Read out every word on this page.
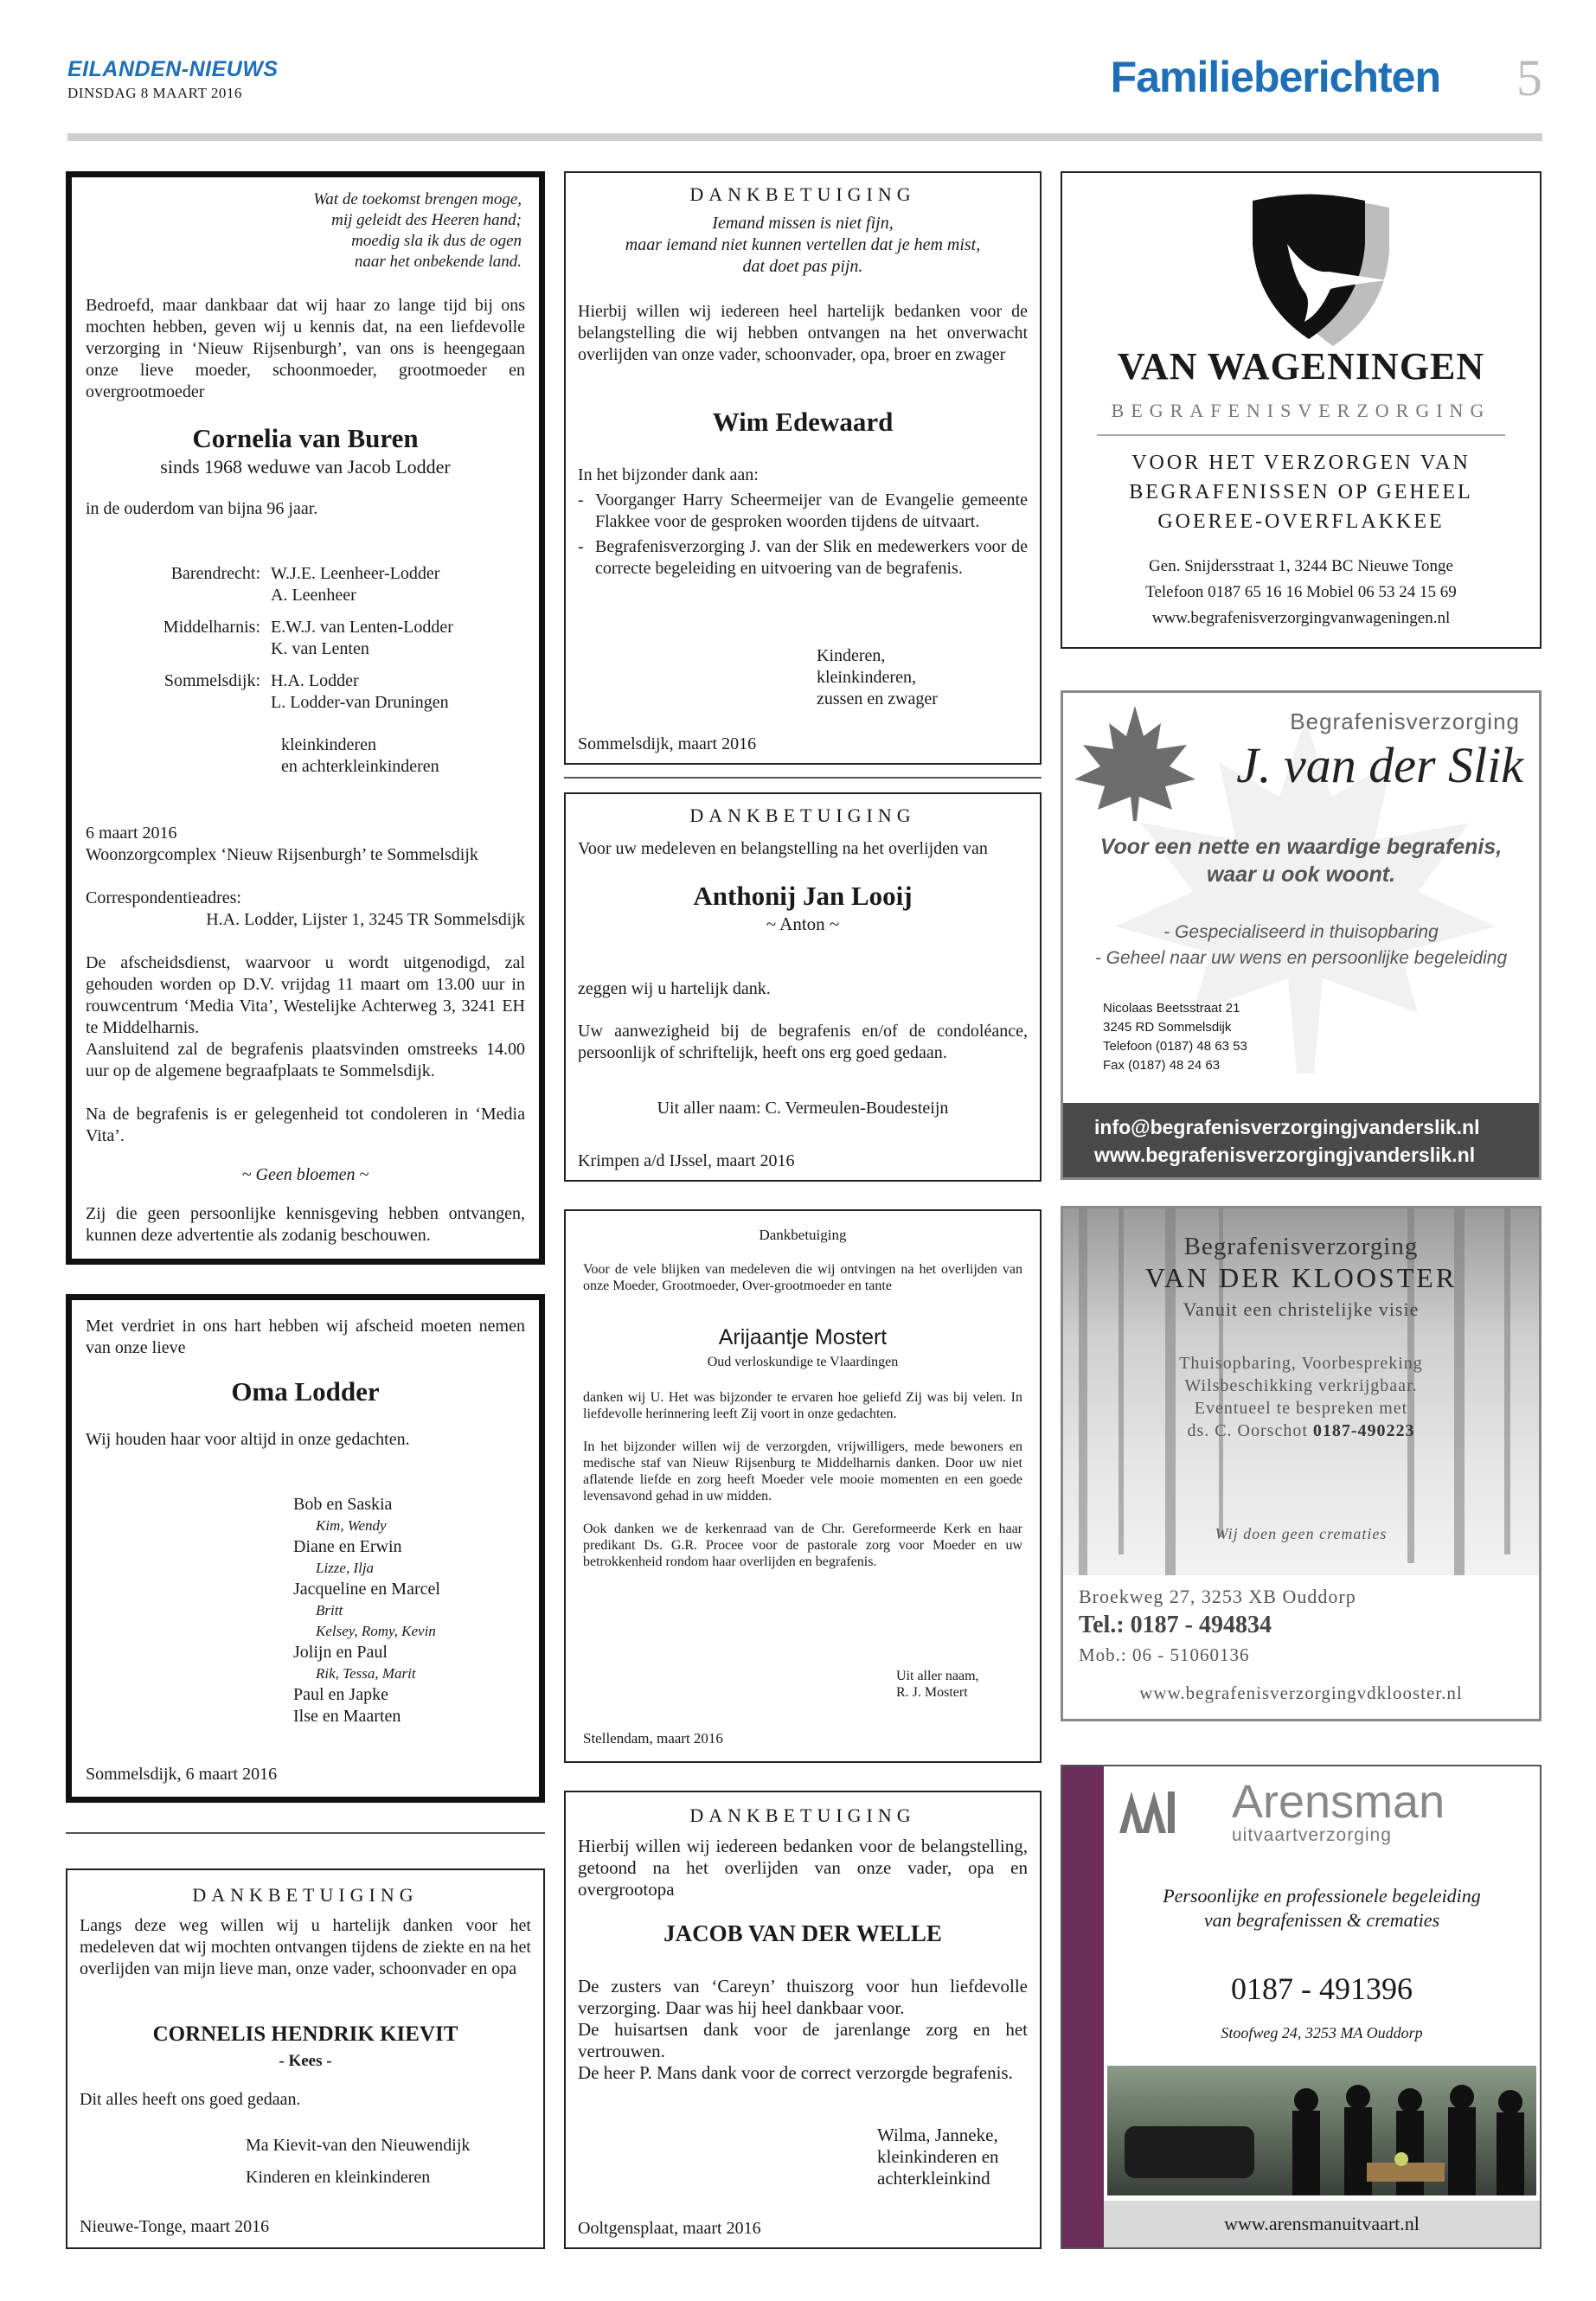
EILANDEN-NIEUWS
DINSDAG 8 MAART 2016	Familieberichten 5
Wat de toekomst brengen moge,
mij geleidt des Heeren hand;
moedig sla ik dus de ogen
naar het onbekende land.
Bedroefd, maar dankbaar dat wij haar zo lange tijd bij ons mochten hebben, geven wij u kennis dat, na een liefdevolle verzorging in ‘Nieuw Rijsenburgh’, van ons is heengegaan onze lieve moeder, schoonmoeder, grootmoeder en overgrootmoeder
Cornelia van Buren
sinds 1968 weduwe van Jacob Lodder
in de ouderdom van bijna 96 jaar.
Barendrecht: W.J.E. Leenheer-Lodder
A. Leenheer
Middelharnis: E.W.J. van Lenten-Lodder
K. van Lenten
Sommelsdijk: H.A. Lodder
L. Lodder-van Druningen
kleinkinderen
en achterkleinkinderen
6 maart 2016
Woonzorgcomplex ‘Nieuw Rijsenburgh’ te Sommelsdijk
Correspondentieadres:
H.A. Lodder, Lijster 1, 3245 TR Sommelsdijk
De afscheidsdienst, waarvoor u wordt uitgenodigd, zal gehouden worden op D.V. vrijdag 11 maart om 13.00 uur in rouwcentrum ‘Media Vita’, Westelijke Achterweg 3, 3241 EH te Middelharnis.
Aansluitend zal de begrafenis plaatsvinden omstreeks 14.00 uur op de algemene begraafplaats te Sommelsdijk.
Na de begrafenis is er gelegenheid tot condoleren in ‘Media Vita’.
~ Geen bloemen ~
Zij die geen persoonlijke kennisgeving hebben ontvangen, kunnen deze advertentie als zodanig beschouwen.
Met verdriet in ons hart hebben wij afscheid moeten nemen van onze lieve
Oma Lodder
Wij houden haar voor altijd in onze gedachten.
Bob en Saskia
Kim, Wendy
Diane en Erwin
Lizze, Ilja
Jacqueline en Marcel
Britt
Kelsey, Romy, Kevin
Jolijn en Paul
Rik, Tessa, Marit
Paul en Japke
Ilse en Maarten
Sommelsdijk, 6 maart 2016
DANKBETUIGING
Langs deze weg willen wij u hartelijk danken voor het medeleven dat wij mochten ontvangen tijdens de ziekte en na het overlijden van mijn lieve man, onze vader, schoonvader en opa
CORNELIS HENDRIK KIEVIT
- Kees -
Dit alles heeft ons goed gedaan.
Ma Kievit-van den Nieuwendijk
Kinderen en kleinkinderen
Nieuwe-Tonge, maart 2016
DANKBETUIGING
Iemand missen is niet fijn,
maar iemand niet kunnen vertellen dat je hem mist,
dat doet pas pijn.
Hierbij willen wij iedereen heel hartelijk bedanken voor de belangstelling die wij hebben ontvangen na het onverwacht overlijden van onze vader, schoonvader, opa, broer en zwager
Wim Edewaard
In het bijzonder dank aan:
- Voorganger Harry Scheermeijer van de Evangelie gemeente Flakkee voor de gesproken woorden tijdens de uitvaart.
- Begrafenisverzorging J. van der Slik en medewerkers voor de correcte begeleiding en uitvoering van de begrafenis.
Kinderen,
kleinkinderen,
zussen en zwager
Sommelsdijk, maart 2016
DANKBETUIGING
Voor uw medeleven en belangstelling na het overlijden van
Anthonij Jan Looij
~ Anton ~
zeggen wij u hartelijk dank.
Uw aanwezigheid bij de begrafenis en/of de condoléance, persoonlijk of schriftelijk, heeft ons erg goed gedaan.
Uit aller naam: C. Vermeulen-Boudesteijn
Krimpen a/d IJssel, maart 2016
Dankbetuiging
Voor de vele blijken van medeleven die wij ontvingen na het overlijden van onze Moeder, Grootmoeder, Over-grootmoeder en tante
Arijaantje Mostert
Oud verloskundige te Vlaardingen
danken wij U. Het was bijzonder te ervaren hoe geliefd Zij was bij velen. In liefdevolle herinnering leeft Zij voort in onze gedachten.
In het bijzonder willen wij de verzorgden, vrijwilligers, mede bewoners en medische staf van Nieuw Rijsenburg te Middelharnis danken. Door uw niet aflatende liefde en zorg heeft Moeder vele mooie momenten en een goede levensavond gehad in uw midden.
Ook danken we de kerkenraad van de Chr. Gereformeerde Kerk en haar predikant Ds. G.R. Procee voor de pastorale zorg voor Moeder en uw betrokkenheid rondom haar overlijden en begrafenis.
Uit aller naam,
R. J. Mostert
Stellendam, maart 2016
DANKBETUIGING
Hierbij willen wij iedereen bedanken voor de belangstelling, getoond na het overlijden van onze vader, opa en overgrootopa
JACOB VAN DER WELLE
De zusters van ‘Careyn’ thuiszorg voor hun liefdevolle verzorging. Daar was hij heel dankbaar voor.
De huisartsen dank voor de jarenlange zorg en het vertrouwen.
De heer P. Mans dank voor de correct verzorgde begrafenis.
Wilma, Janneke,
kleinkinderen en
achterkleinkind
Ooltgensplaat, maart 2016
VAN WAGENINGEN
BEGRAFENISVERZORGING
VOOR HET VERZORGEN VAN
BEGRAFENISSEN OP GEHEEL
GOEREE-OVERFLAKKEE
Gen. Snijdersstraat 1, 3244 BC Nieuwe Tonge
Telefoon 0187 65 16 16 Mobiel 06 53 24 15 69
www.begrafenisverzorgingvanwageningen.nl
Begrafenisverzorging
J. van der Slik
Voor een nette en waardige begrafenis,
waar u ook woont.
- Gespecialiseerd in thuisopbaring
- Geheel naar uw wens en persoonlijke begeleiding
Nicolaas Beetsstraat 21
3245 RD Sommelsdijk
Telefoon (0187) 48 63 53
Fax (0187) 48 24 63
info@begrafenisverzorgingjvanderslik.nl
www.begrafenisverzorgingjvanderslik.nl
Begrafenisverzorging
VAN DER KLOOSTER
Vanuit een christelijke visie
Thuisopbaring, Voorbespreking
Wilsbeschikking verkrijgbaar.
Eventueel te bespreken met
ds. C. Oorschot 0187-490223
Wij doen geen crematies
Broekweg 27, 3253 XB Ouddorp
Tel.: 0187 - 494834
Mob.: 06 - 51060136
www.begrafenisverzorgingvdklooster.nl
Arensman
uitvaartverzorging
Persoonlijke en professionele begeleiding
van begrafenissen & crematies
0187 - 491396
Stoofweg 24, 3253 MA Ouddorp
www.arensmanuitvaart.nl
